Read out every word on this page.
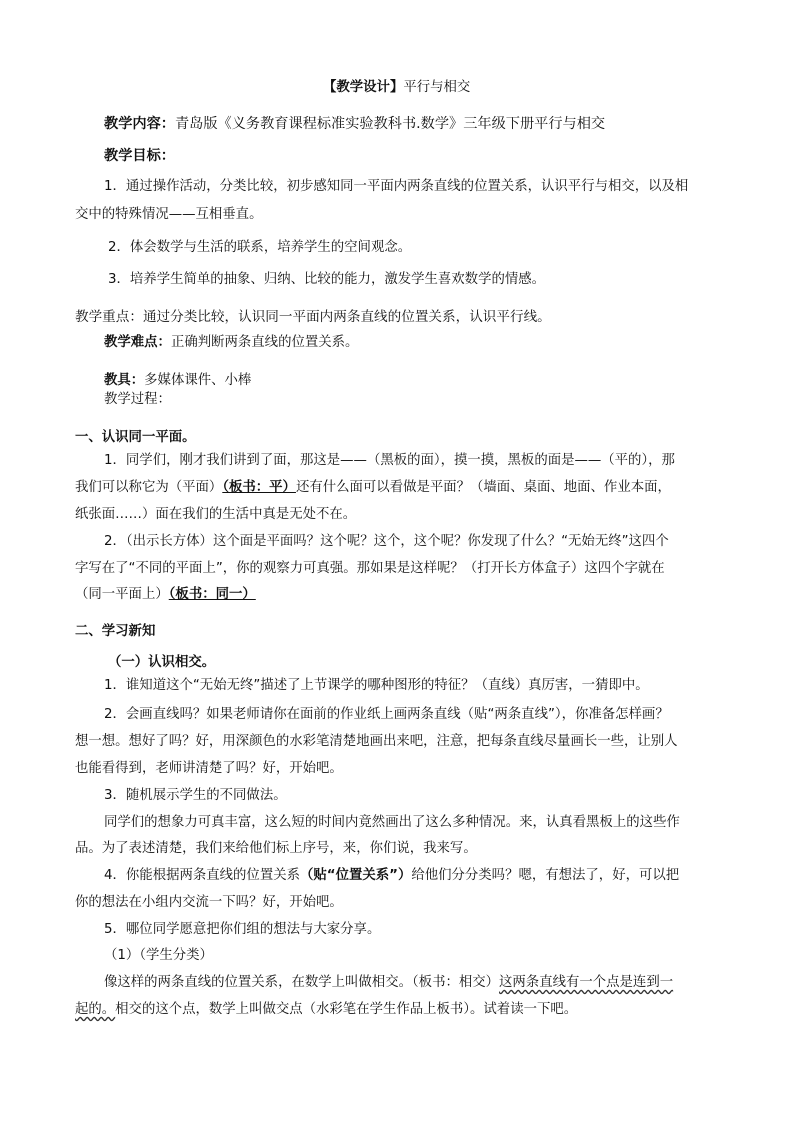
【教学设计】平行与相交
教学内容：青岛版《义务教育课程标准实验教科书.数学》三年级下册平行与相交
教学目标：
1．通过操作活动，分类比较，初步感知同一平面内两条直线的位置关系，认识平行与相交，以及相
交中的特殊情况——互相垂直。
2．体会数学与生活的联系，培养学生的空间观念。
3．培养学生简单的抽象、归纳、比较的能力，激发学生喜欢数学的情感。
教学重点：通过分类比较，认识同一平面内两条直线的位置关系，认识平行线。
教学难点：正确判断两条直线的位置关系。
教具：多媒体课件、小棒
教学过程：
一、认识同一平面。
1．同学们，刚才我们讲到了面，那这是——（黑板的面），摸一摸，黑板的面是——（平的），那
我们可以称它为（平面）（板书：平）还有什么面可以看做是平面？（墙面、桌面、地面、作业本面，
纸张面……）面在我们的生活中真是无处不在。
2．（出示长方体）这个面是平面吗？这个呢？这个，这个呢？你发现了什么？“无始无终”这四个
字写在了“不同的平面上”，你的观察力可真强。那如果是这样呢？（打开长方体盒子）这四个字就在
（同一平面上）（板书：同一）
二、学习新知
（一）认识相交。
1．谁知道这个“无始无终”描述了上节课学的哪种图形的特征？（直线）真厉害，一猜即中。
2．会画直线吗？如果老师请你在面前的作业纸上画两条直线（贴“两条直线”），你准备怎样画？
想一想。想好了吗？好，用深颜色的水彩笔清楚地画出来吧，注意，把每条直线尽量画长一些，让别人
也能看得到，老师讲清楚了吗？好，开始吧。
3．随机展示学生的不同做法。
同学们的想象力可真丰富，这么短的时间内竟然画出了这么多种情况。来，认真看黑板上的这些作
品。为了表述清楚，我们来给他们标上序号，来，你们说，我来写。
4．你能根据两条直线的位置关系（贴“位置关系”）给他们分分类吗？嗯，有想法了，好，可以把
你的想法在小组内交流一下吗？好，开始吧。
5．哪位同学愿意把你们组的想法与大家分享。
（1）（学生分类）
像这样的两条直线的位置关系，在数学上叫做相交。（板书：相交）这两条直线有一个点是连到一
起的。相交的这个点，数学上叫做交点（水彩笔在学生作品上板书）。试着读一下吧。
